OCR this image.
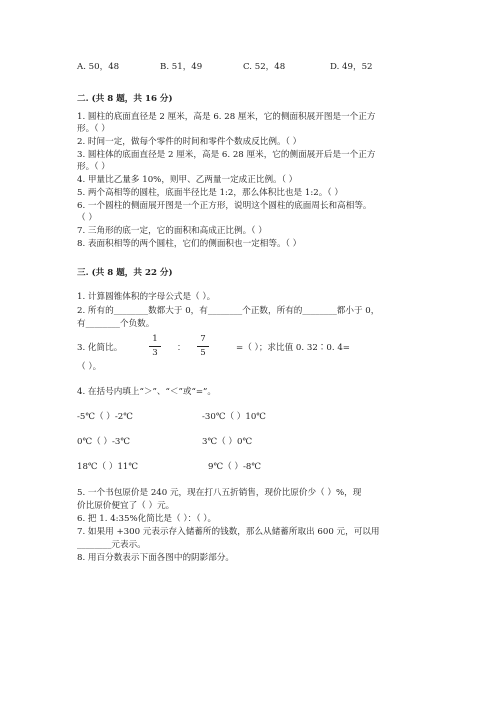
A. 50，48	B. 51，49	C. 52，48	D. 49，52
二. (共 8 题，共 16 分)
1. 圆柱的底面直径是 2 厘米，高是 6. 28 厘米，它的侧面积展开图是一个正方
形。（ ）
2. 时间一定，做每个零件的时间和零件个数成反比例。（ ）
3. 圆柱体的底面直径是 2 厘米，高是 6. 28 厘米，它的侧面展开后是一个正方
形。（ ）
4. 甲量比乙量多 10%，则甲、乙两量一定成正比例。（ ）
5. 两个高相等的圆柱，底面半径比是 1:2，那么体积比也是 1:2。（ ）
6. 一个圆柱的侧面展开图是一个正方形，说明这个圆柱的底面周长和高相等。
（ ）
7. 三角形的底一定，它的面积和高成正比例。（ ）
8. 表面积相等的两个圆柱，它们的侧面积也一定相等。（ ）
三. (共 8 题，共 22 分)
1. 计算圆锥体积的字母公式是（ ）。
2. 所有的________数都大于 0，有________个正数，所有的________都小于 0，
有________个负数。
3. 化简比。
1
3
：
7
5
=（ ）；求比值 0. 32∶0. 4=
（ ）。
4. 在括号内填上“＞”、“＜”或“=”。
-5℃（ ）-2℃	-30℃（ ）10℃
0℃（ ）-3℃	3℃（ ）0℃
18℃（ ）11℃	9℃（ ）-8℃
5. 一个书包原价是 240 元，现在打八五折销售，现价比原价少（ ）%，现
价比原价便宜了（ ）元。
6. 把 1. 4:35%化简比是（ ）：（ ）。
7. 如果用 +300 元表示存入储蓄所的钱数，那么从储蓄所取出 600 元，可以用
________元表示。
8. 用百分数表示下面各图中的阴影部分。
